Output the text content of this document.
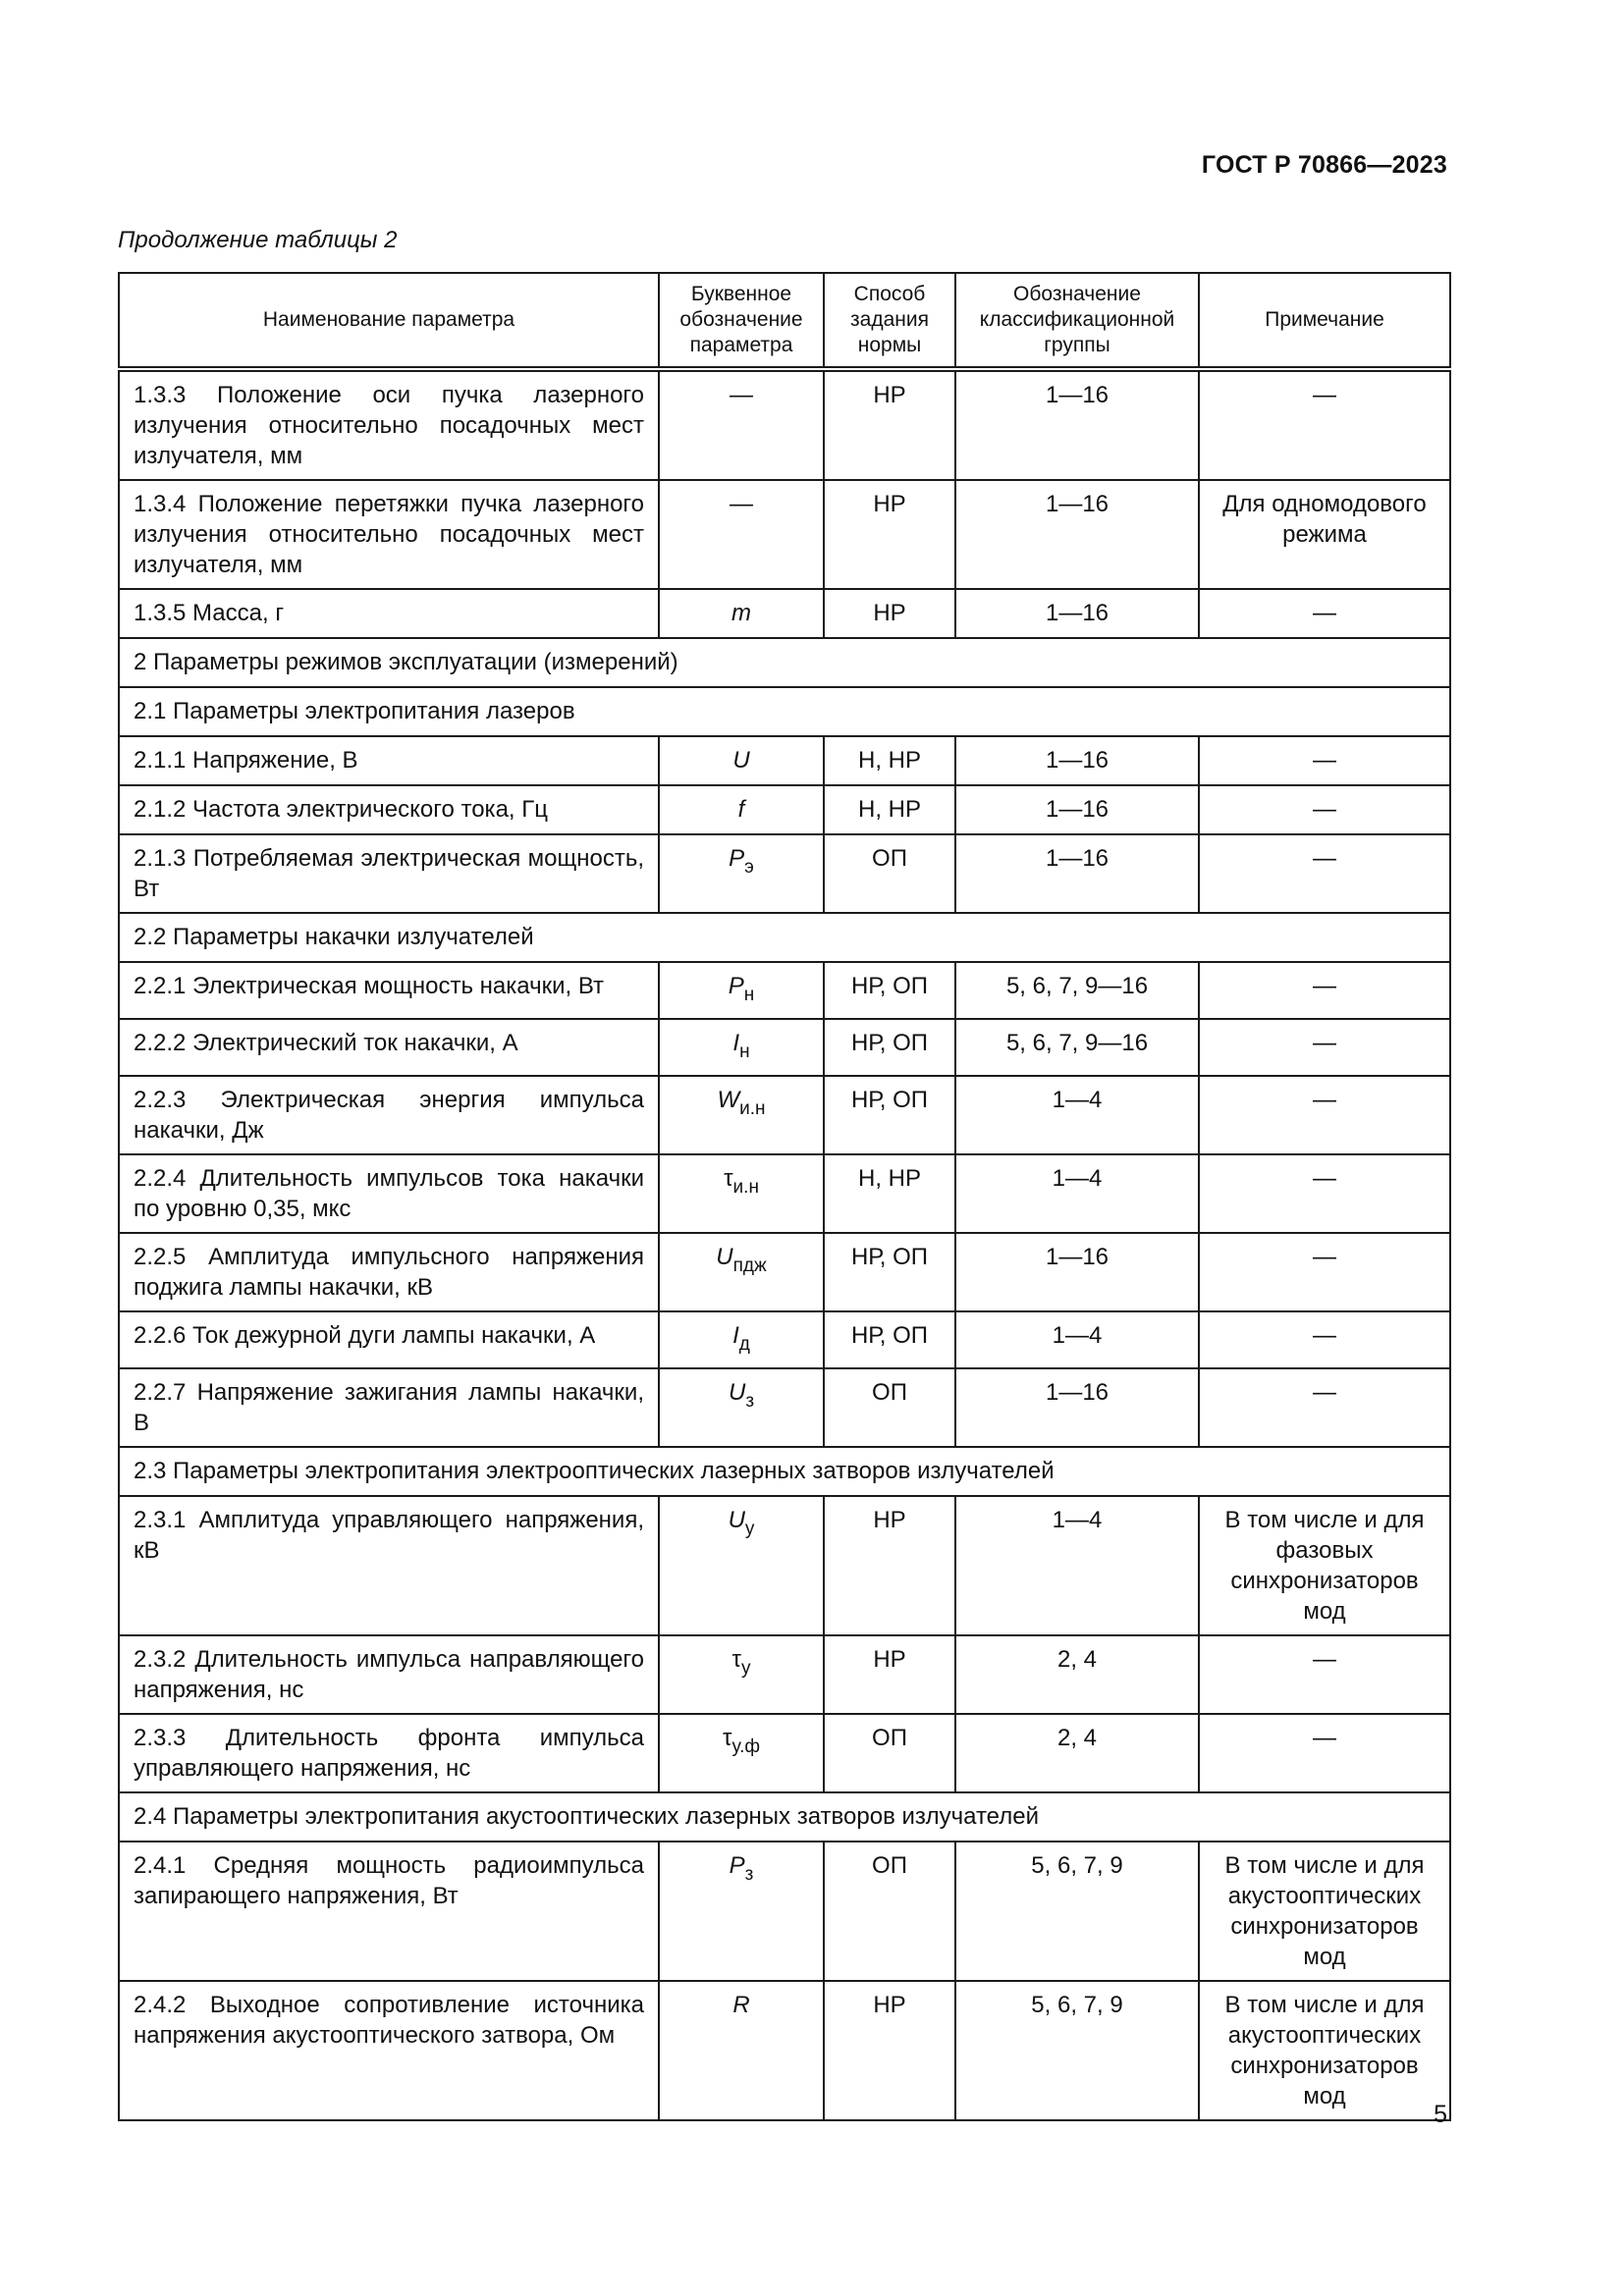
ГОСТ Р 70866—2023
Продолжение таблицы 2
Наименование параметра	Буквенное обозначение параметра	Способ задания нормы	Обозначение классификационной группы	Примечание
1.3.3 Положение оси пучка лазерного излучения относительно посадочных мест излучателя, мм	—	НР	1—16	—
1.3.4 Положение перетяжки пучка лазерного излучения относительно посадочных мест излучателя, мм	—	НР	1—16	Для одномодового режима
1.3.5 Масса, г	m	НР	1—16	—
2 Параметры режимов эксплуатации (измерений)				
2.1 Параметры электропитания лазеров				
2.1.1 Напряжение, В	U	Н, НР	1—16	—
2.1.2 Частота электрического тока, Гц	f	Н, НР	1—16	—
2.1.3 Потребляемая электрическая мощность, Вт	$P_э$	ОП	1—16	—
2.2 Параметры накачки излучателей				
2.2.1 Электрическая мощность накачки, Вт	$P_н$	НР, ОП	5, 6, 7, 9—16	—
2.2.2 Электрический ток накачки, А	$I_н$	НР, ОП	5, 6, 7, 9—16	—
2.2.3 Электрическая энергия импульса накачки, Дж	$W_{и.н}$	НР, ОП	1—4	—
2.2.4 Длительность импульсов тока накачки по уровню 0,35, мкс	$\tau_{и.н}$	Н, НР	1—4	—
2.2.5 Амплитуда импульсного напряжения поджига лампы накачки, кВ	$U_{пдж}$	НР, ОП	1—16	—
2.2.6 Ток дежурной дуги лампы накачки, А	$I_д$	НР, ОП	1—4	—
2.2.7 Напряжение зажигания лампы накачки, В	$U_з$	ОП	1—16	—
2.3 Параметры электропитания электрооптических лазерных затворов излучателей				
2.3.1 Амплитуда управляющего напряжения, кВ	$U_у$	НР	1—4	В том числе и для фазовых синхронизаторов мод
2.3.2 Длительность импульса направляющего напряжения, нс	$\tau_у$	НР	2, 4	—
2.3.3 Длительность фронта импульса управляющего напряжения, нс	$\tau_{у.ф}$	ОП	2, 4	—
2.4 Параметры электропитания акустооптических лазерных затворов излучателей				
2.4.1 Средняя мощность радиоимпульса запирающего напряжения, Вт	$P_з$	ОП	5, 6, 7, 9	В том числе и для акустооптических синхронизаторов мод
2.4.2 Выходное сопротивление источника напряжения акустооптического затвора, Ом	R	НР	5, 6, 7, 9	В том числе и для акустооптических синхронизаторов мод
5
